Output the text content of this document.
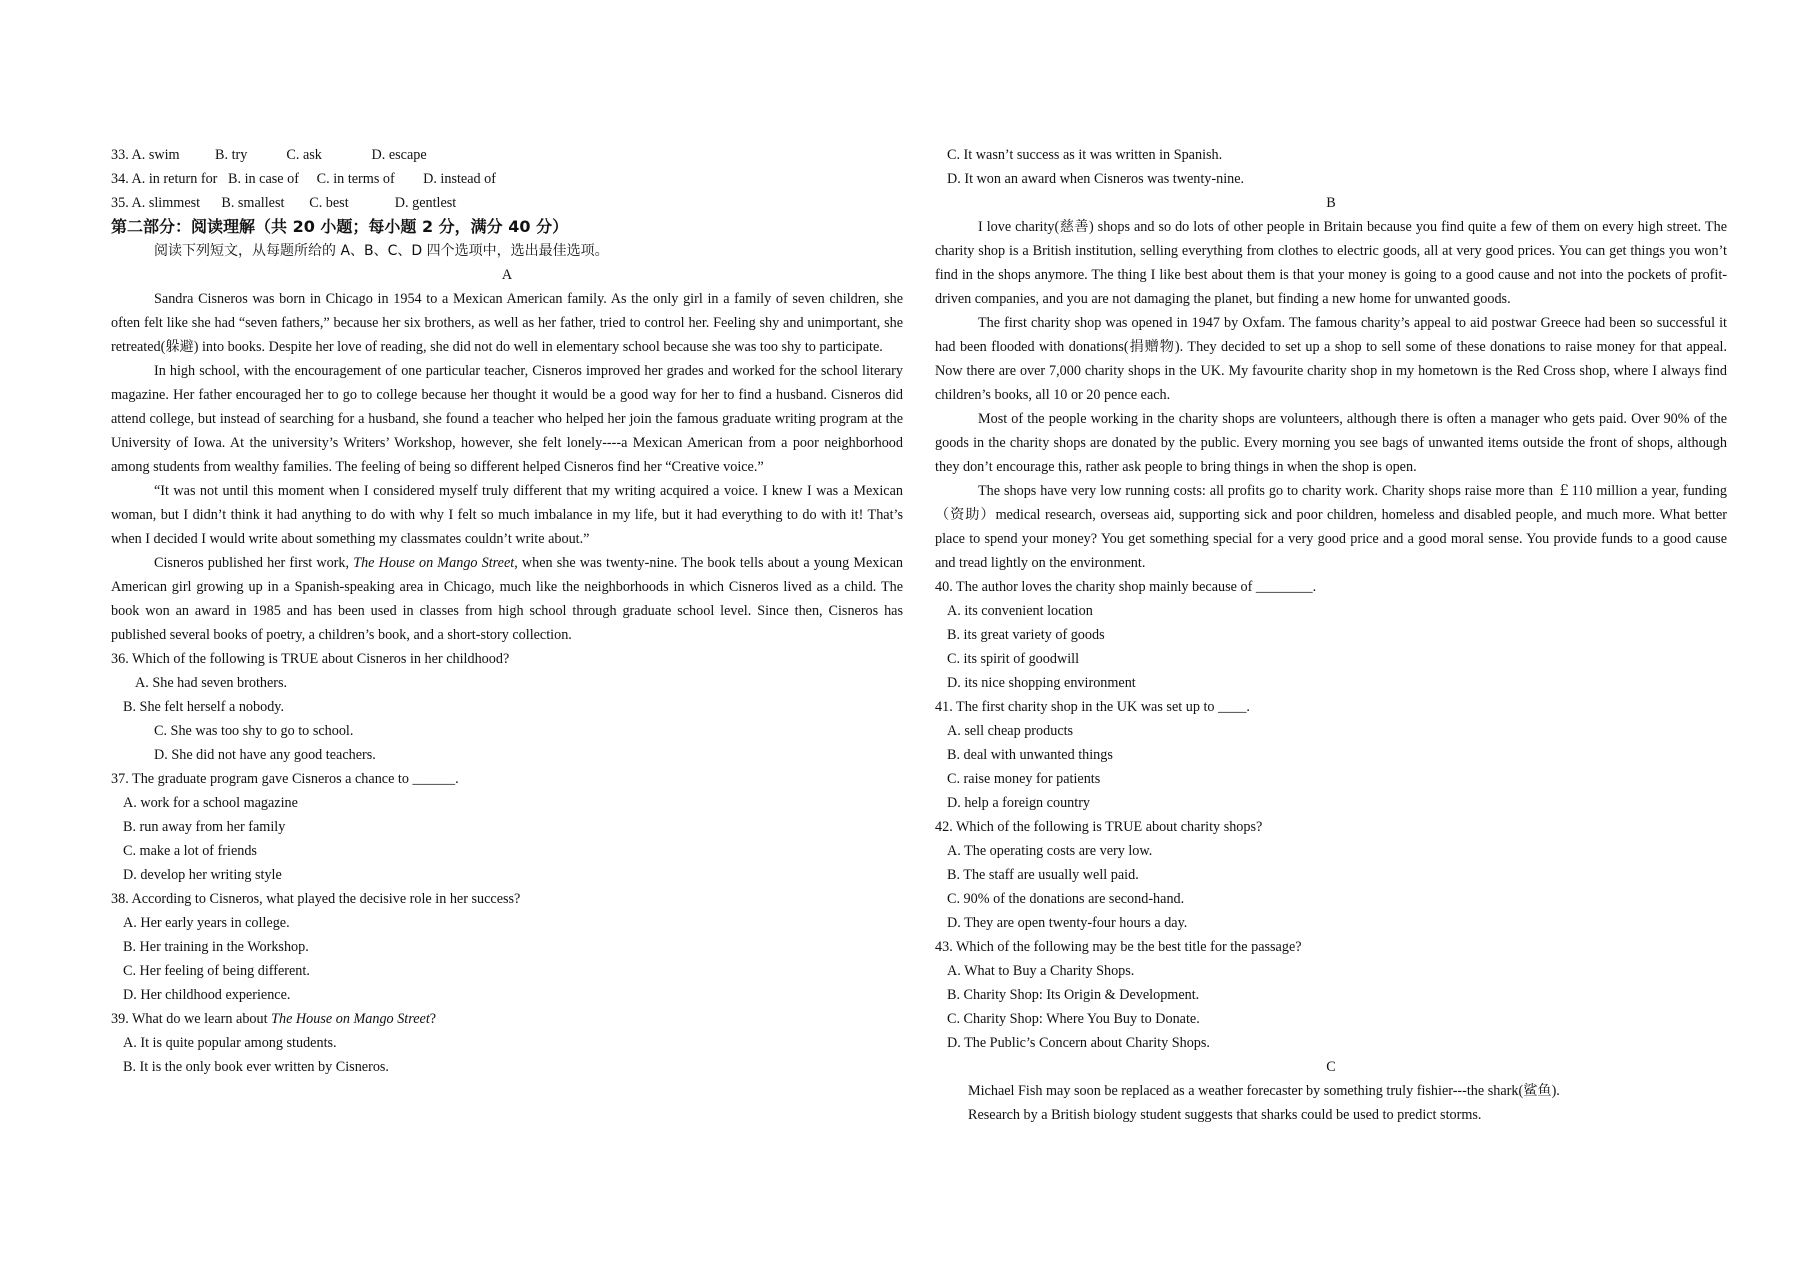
33. A. swim          B. try           C. ask              D. escape
34. A. in return for   B. in case of     C. in terms of        D. instead of
35. A. slimmest      B. smallest       C. best             D. gentlest
第二部分：阅读理解（共 20 小题；每小题 2 分，满分 40 分）
阅读下列短文，从每题所给的 A、B、C、D 四个选项中，选出最佳选项。
A

Sandra Cisneros was born in Chicago in 1954 to a Mexican American family. As the only girl in a family of seven children, she often felt like she had “seven fathers,” because her six brothers, as well as her father, tried to control her. Feeling shy and unimportant, she retreated(躲避) into books. Despite her love of reading, she did not do well in elementary school because she was too shy to participate.

In high school, with the encouragement of one particular teacher, Cisneros improved her grades and worked for the school literary magazine. Her father encouraged her to go to college because her thought it would be a good way for her to find a husband. Cisneros did attend college, but instead of searching for a husband, she found a teacher who helped her join the famous graduate writing program at the University of Iowa. At the university’s Writers’ Workshop, however, she felt lonely----a Mexican American from a poor neighborhood among students from wealthy families. The feeling of being so different helped Cisneros find her “Creative voice.”

“It was not until this moment when I considered myself truly different that my writing acquired a voice. I knew I was a Mexican woman, but I didn’t think it had anything to do with why I felt so much imbalance in my life, but it had everything to do with it! That’s when I decided I would write about something my classmates couldn’t write about.”

Cisneros published her first work, The House on Mango Street, when she was twenty-nine. The book tells about a young Mexican American girl growing up in a Spanish-speaking area in Chicago, much like the neighborhoods in which Cisneros lived as a child. The book won an award in 1985 and has been used in classes from high school through graduate school level. Since then, Cisneros has published several books of poetry, a children’s book, and a short-story collection.

36. Which of the following is TRUE about Cisneros in her childhood?
A. She had seven brothers.
B. She felt herself a nobody.
C. She was too shy to go to school.
D. She did not have any good teachers.
37. The graduate program gave Cisneros a chance to ______.
A. work for a school magazine
B. run away from her family
C. make a lot of friends
D. develop her writing style
38. According to Cisneros, what played the decisive role in her success?
A. Her early years in college.
B. Her training in the Workshop.
C. Her feeling of being different.
D. Her childhood experience.
39. What do we learn about The House on Mango Street?
A. It is quite popular among students.
B. It is the only book ever written by Cisneros.
C. It wasn’t success as it was written in Spanish.
D. It won an award when Cisneros was twenty-nine.
B

I love charity(慈善) shops and so do lots of other people in Britain because you find quite a few of them on every high street. The charity shop is a British institution, selling everything from clothes to electric goods, all at very good prices. You can get things you won’t find in the shops anymore. The thing I like best about them is that your money is going to a good cause and not into the pockets of profit-driven companies, and you are not damaging the planet, but finding a new home for unwanted goods.

The first charity shop was opened in 1947 by Oxfam. The famous charity’s appeal to aid postwar Greece had been so successful it had been flooded with donations(捐赠物). They decided to set up a shop to sell some of these donations to raise money for that appeal. Now there are over 7,000 charity shops in the UK. My favourite charity shop in my hometown is the Red Cross shop, where I always find children’s books, all 10 or 20 pence each.

Most of the people working in the charity shops are volunteers, although there is often a manager who gets paid. Over 90% of the goods in the charity shops are donated by the public. Every morning you see bags of unwanted items outside the front of shops, although they don’t encourage this, rather ask people to bring things in when the shop is open.

The shops have very low running costs: all profits go to charity work. Charity shops raise more than ￡110 million a year, funding（资助）medical research, overseas aid, supporting sick and poor children, homeless and disabled people, and much more. What better place to spend your money? You get something special for a very good price and a good moral sense. You provide funds to a good cause and tread lightly on the environment.

40. The author loves the charity shop mainly because of ________.
A. its convenient location
B. its great variety of goods
C. its spirit of goodwill
D. its nice shopping environment
41. The first charity shop in the UK was set up to ____.
A. sell cheap products
B. deal with unwanted things
C. raise money for patients
D. help a foreign country
42. Which of the following is TRUE about charity shops?
A. The operating costs are very low.
B. The staff are usually well paid.
C. 90% of the donations are second-hand.
D. They are open twenty-four hours a day.
43. Which of the following may be the best title for the passage?
A. What to Buy a Charity Shops.
B. Charity Shop: Its Origin & Development.
C. Charity Shop: Where You Buy to Donate.
D. The Public’s Concern about Charity Shops.
C
Michael Fish may soon be replaced as a weather forecaster by something truly fishier---the shark(鲨鱼).
Research by a British biology student suggests that sharks could be used to predict storms.
